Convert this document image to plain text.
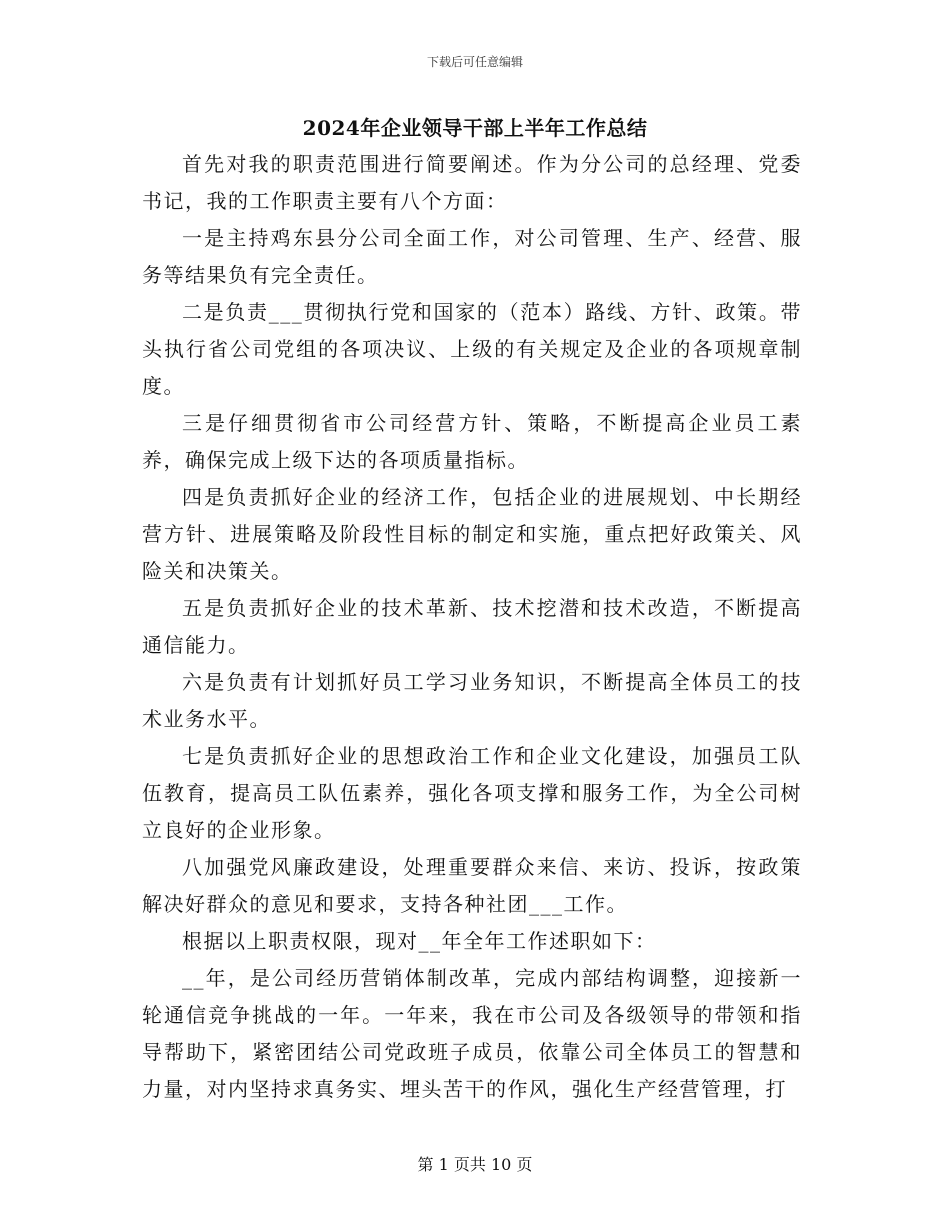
下载后可任意编辑
2024年企业领导干部上半年工作总结

首先对我的职责范围进行简要阐述。作为分公司的总经理、党委书记，我的工作职责主要有八个方面：

一是主持鸡东县分公司全面工作，对公司管理、生产、经营、服务等结果负有完全责任。

二是负责___贯彻执行党和国家的（范本）路线、方针、政策。带头执行省公司党组的各项决议、上级的有关规定及企业的各项规章制度。

三是仔细贯彻省市公司经营方针、策略，不断提高企业员工素养，确保完成上级下达的各项质量指标。

四是负责抓好企业的经济工作，包括企业的进展规划、中长期经营方针、进展策略及阶段性目标的制定和实施，重点把好政策关、风险关和决策关。

五是负责抓好企业的技术革新、技术挖潜和技术改造，不断提高通信能力。

六是负责有计划抓好员工学习业务知识，不断提高全体员工的技术业务水平。

七是负责抓好企业的思想政治工作和企业文化建设，加强员工队伍教育，提高员工队伍素养，强化各项支撑和服务工作，为全公司树立良好的企业形象。

八加强党风廉政建设，处理重要群众来信、来访、投诉，按政策解决好群众的意见和要求，支持各种社团___工作。

根据以上职责权限，现对__年全年工作述职如下：

__年，是公司经历营销体制改革，完成内部结构调整，迎接新一轮通信竞争挑战的一年。一年来，我在市公司及各级领导的带领和指导帮助下，紧密团结公司党政班子成员，依靠公司全体员工的智慧和力量，对内坚持求真务实、埋头苦干的作风，强化生产经营管理，打

第 1 页共 10 页
